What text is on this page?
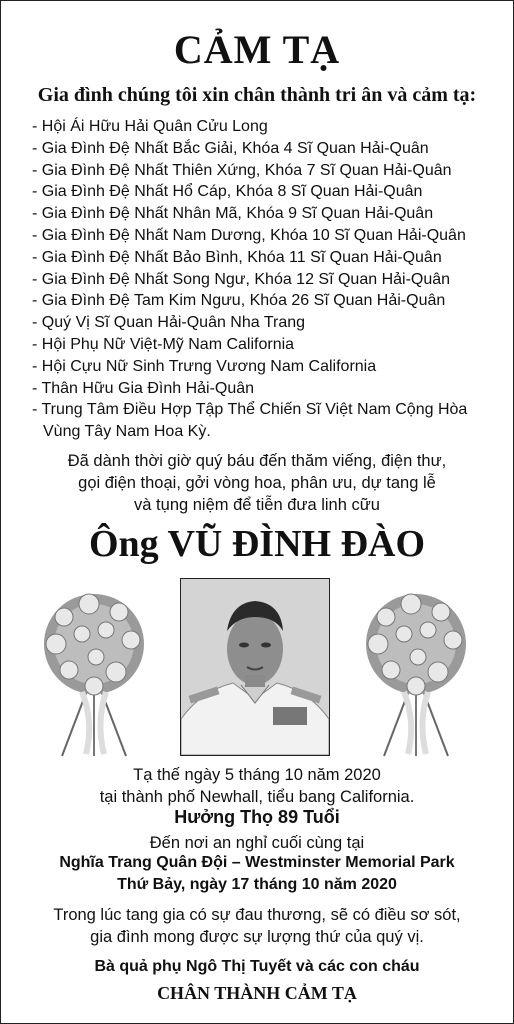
CẢM TẠ
Gia đình chúng tôi xin chân thành tri ân và cảm tạ:
- Hội Ái Hữu Hải Quân Cửu Long
- Gia Đình Đệ Nhất Bắc Giải, Khóa 4 Sĩ Quan Hải-Quân
- Gia Đình Đệ Nhất Thiên Xứng, Khóa 7 Sĩ Quan Hải-Quân
- Gia Đình Đệ Nhất Hổ Cáp, Khóa 8 Sĩ Quan Hải-Quân
- Gia Đình Đệ Nhất Nhân Mã, Khóa 9 Sĩ Quan Hải-Quân
- Gia Đình Đệ Nhất Nam Dương, Khóa 10 Sĩ Quan Hải-Quân
- Gia Đình Đệ Nhất Bảo Bình, Khóa 11 Sĩ Quan Hải-Quân
- Gia Đình Đệ Nhất Song Ngư, Khóa 12 Sĩ Quan Hải-Quân
- Gia Đình Đệ Tam Kim Ngưu, Khóa 26 Sĩ Quan Hải-Quân
- Quý Vị Sĩ Quan Hải-Quân Nha Trang
- Hội Phụ Nữ Việt-Mỹ Nam California
- Hội Cựu Nữ Sinh Trưng Vương Nam California
- Thân Hữu Gia Đình Hải-Quân
- Trung Tâm Điều Hợp Tập Thể Chiến Sĩ Việt Nam Cộng Hòa
Vùng Tây Nam Hoa Kỳ.
Đã dành thời giờ quý báu đến thăm viếng, điện thư,
gọi điện thoại, gởi vòng hoa, phân ưu, dự tang lễ
và tụng niệm để tiễn đưa linh cữu
Ông VŨ ĐÌNH ĐÀO
Tạ thế ngày 5 tháng 10 năm 2020
tại thành phố Newhall, tiểu bang California.
Hưởng Thọ 89 Tuổi
Đến nơi an nghỉ cuối cùng tại
Nghĩa Trang Quân Đội – Westminster Memorial Park
Thứ Bảy, ngày 17 tháng 10 năm 2020
Trong lúc tang gia có sự đau thương, sẽ có điều sơ sót,
gia đình mong được sự lượng thứ của quý vị.
Bà quả phụ Ngô Thị Tuyết và các con cháu
CHÂN THÀNH CẢM TẠ
